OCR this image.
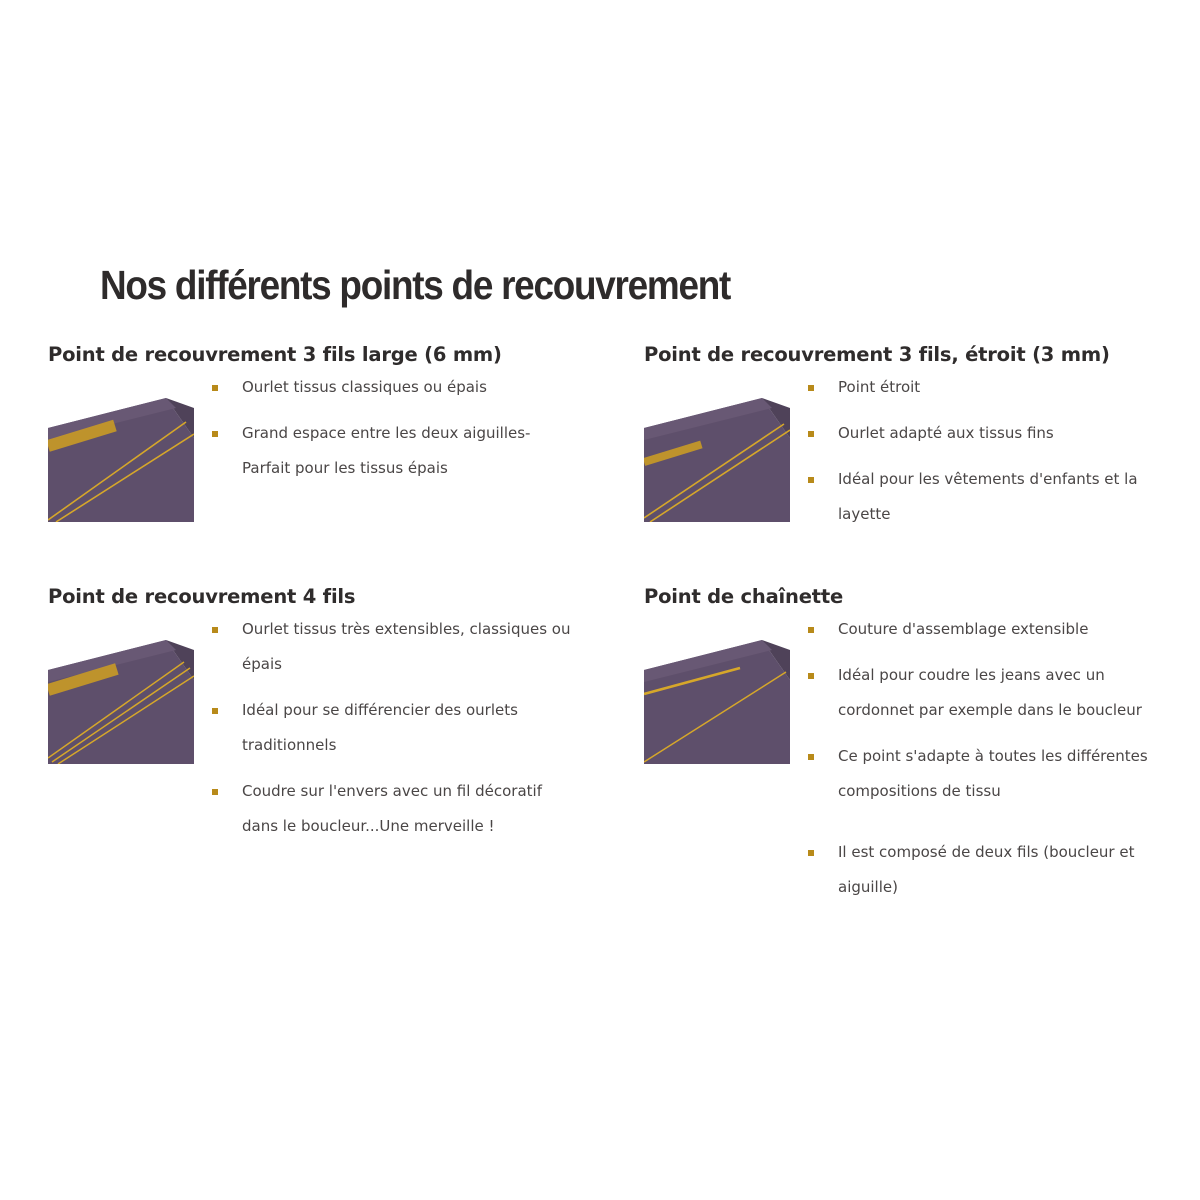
Nos différents points de recouvrement
Point de recouvrement 3 fils large (6 mm)
Ourlet tissus classiques ou épais
Grand espace entre les deux aiguilles- Parfait pour les tissus épais
Point de recouvrement 3 fils, étroit (3 mm)
Point étroit
Ourlet adapté aux tissus fins
Idéal pour les vêtements d'enfants et la layette
Point de recouvrement 4 fils
Ourlet tissus très extensibles, classiques ou épais
Idéal pour se différencier des ourlets traditionnels
Coudre sur l'envers avec un fil décoratif dans le boucleur...Une merveille !
Point de chaînette
Couture d'assemblage extensible
Idéal pour coudre les jeans avec un cordonnet par exemple dans le boucleur
Ce point s'adapte à toutes les différentes compositions de tissu
Il est composé de deux fils (boucleur et aiguille)
